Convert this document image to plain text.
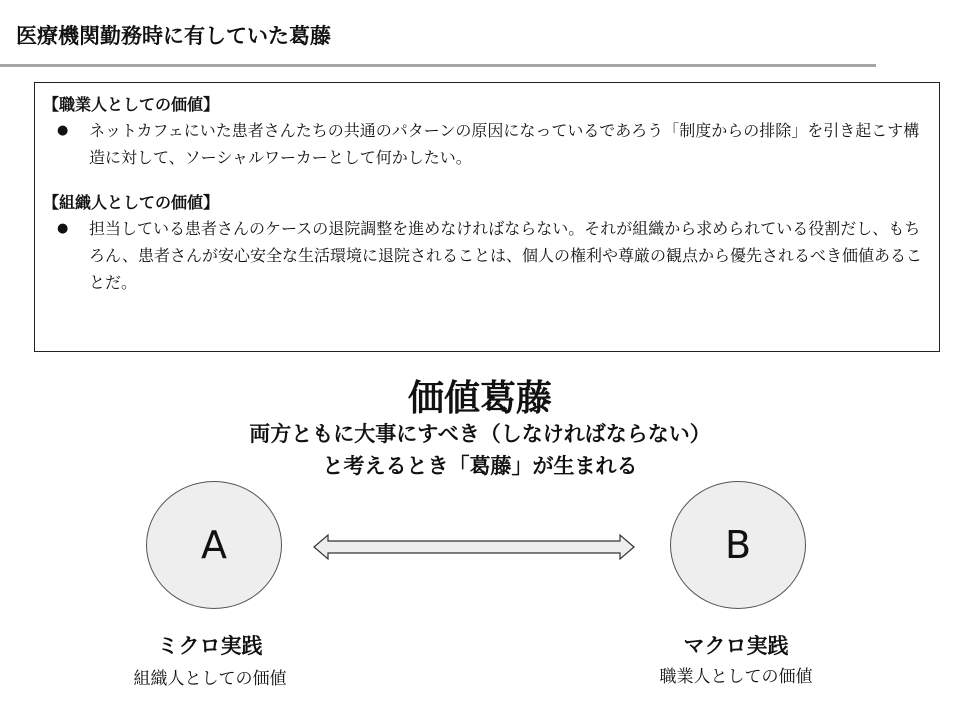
医療機関勤務時に有していた葛藤
【職業人としての価値】
●	ネットカフェにいた患者さんたちの共通のパターンの原因になっているであろう「制度からの排除」を引き起こす構造に対して、ソーシャルワーカーとして何かしたい。
【組織人としての価値】
●	担当している患者さんのケースの退院調整を進めなければならない。それが組織から求められている役割だし、もちろん、患者さんが安心安全な生活環境に退院されることは、個人の権利や尊厳の観点から優先されるべき価値あることだ。
価値葛藤
両方ともに大事にすべき（しなければならない）
と考えるとき「葛藤」が生まれる
A	B
ミクロ実践
組織人としての価値
マクロ実践
職業人としての価値
